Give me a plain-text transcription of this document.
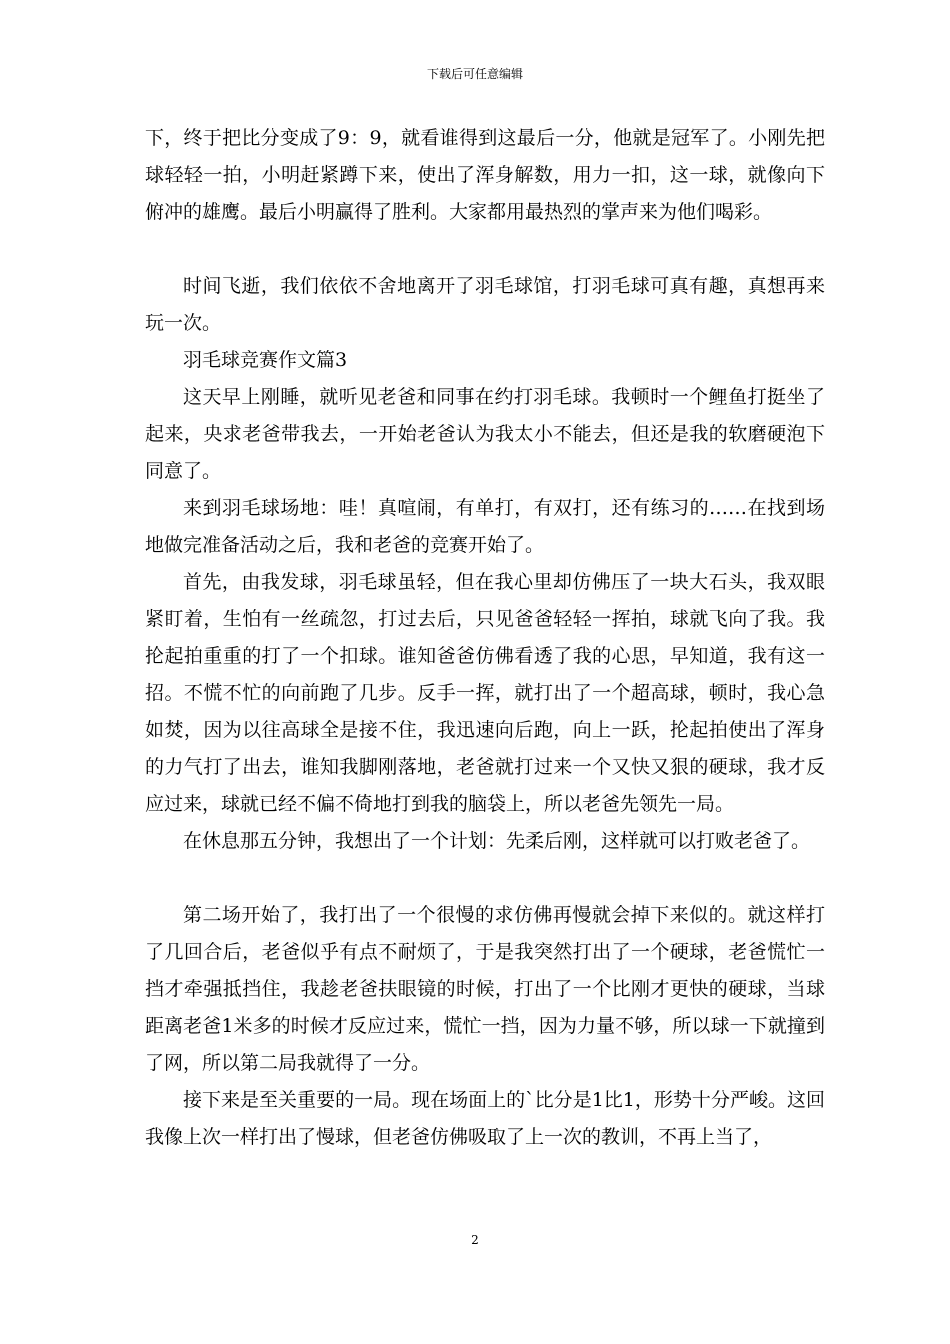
下载后可任意编辑

下，终于把比分变成了9：9，就看谁得到这最后一分，他就是冠军了。小刚先把球轻轻一拍，小明赶紧蹲下来，使出了浑身解数，用力一扣，这一球，就像向下俯冲的雄鹰。最后小明赢得了胜利。大家都用最热烈的掌声来为他们喝彩。

时间飞逝，我们依依不舍地离开了羽毛球馆，打羽毛球可真有趣，真想再来玩一次。

羽毛球竞赛作文篇3

这天早上刚睡，就听见老爸和同事在约打羽毛球。我顿时一个鲤鱼打挺坐了起来，央求老爸带我去，一开始老爸认为我太小不能去，但还是我的软磨硬泡下同意了。

来到羽毛球场地：哇！真喧闹，有单打，有双打，还有练习的……在找到场地做完准备活动之后，我和老爸的竞赛开始了。

首先，由我发球，羽毛球虽轻，但在我心里却仿佛压了一块大石头，我双眼紧盯着，生怕有一丝疏忽，打过去后，只见爸爸轻轻一挥拍，球就飞向了我。我抡起拍重重的打了一个扣球。谁知爸爸仿佛看透了我的心思，早知道，我有这一招。不慌不忙的向前跑了几步。反手一挥，就打出了一个超高球，顿时，我心急如焚，因为以往高球全是接不住，我迅速向后跑，向上一跃，抡起拍使出了浑身的力气打了出去，谁知我脚刚落地，老爸就打过来一个又快又狠的硬球，我才反应过来，球就已经不偏不倚地打到我的脑袋上，所以老爸先领先一局。

在休息那五分钟，我想出了一个计划：先柔后刚，这样就可以打败老爸了。

第二场开始了，我打出了一个很慢的求仿佛再慢就会掉下来似的。就这样打了几回合后，老爸似乎有点不耐烦了，于是我突然打出了一个硬球，老爸慌忙一挡才牵强抵挡住，我趁老爸扶眼镜的时候，打出了一个比刚才更快的硬球，当球距离老爸1米多的时候才反应过来，慌忙一挡，因为力量不够，所以球一下就撞到了网，所以第二局我就得了一分。

接下来是至关重要的一局。现在场面上的`比分是1比1，形势十分严峻。这回我像上次一样打出了慢球，但老爸仿佛吸取了上一次的教训，不再上当了，

2
